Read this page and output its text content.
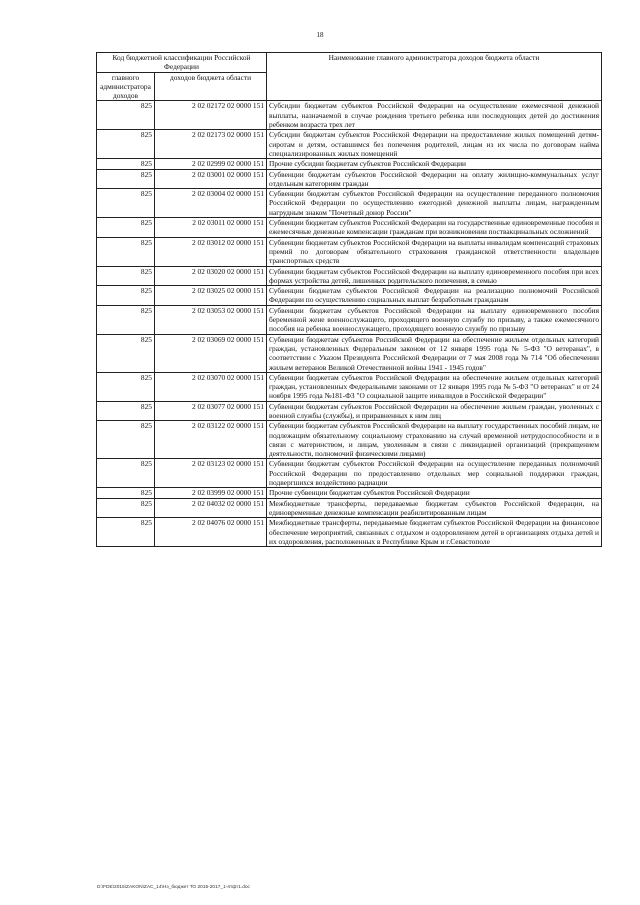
18
Код бюджетной классификации Российской Федерации		Наименование главного администратора доходов бюджета области
главного администратора доходов	доходов бюджета области	
825	2 02 02172 02 0000 151	Субсидии бюджетам субъектов Российской Федерации на осуществление ежемесячной денежной выплаты, назначаемой в случае рождения третьего ребенка или последующих детей до достижения ребенком возраста трех лет
825	2 02 02173 02 0000 151	Субсидии бюджетам субъектов Российской Федерации на предоставление жилых помещений детям-сиротам и детям, оставшимся без попечения родителей, лицам из их числа по договорам найма специализированных жилых помещений
825	2 02 02999 02 0000 151	Прочие субсидии бюджетам субъектов Российской Федерации
825	2 02 03001 02 0000 151	Субвенции бюджетам субъектов Российской Федерации на оплату жилищно-коммунальных услуг отдельным категориям граждан
825	2 02 03004 02 0000 151	Субвенции бюджетам субъектов Российской Федерации на осуществление переданного полномочия Российской Федерации по осуществлению ежегодной денежной выплаты лицам, награжденным нагрудным знаком "Почетный донор России"
825	2 02 03011 02 0000 151	Субвенции бюджетам субъектов Российской Федерации на государственные единовременные пособия и ежемесячные денежные компенсации гражданам при возникновении поствакцинальных осложнений
825	2 02 03012 02 0000 151	Субвенции бюджетам субъектов Российской Федерации на выплаты инвалидам компенсаций страховых премий по договорам обязательного страхования гражданской ответственности владельцев транспортных средств
825	2 02 03020 02 0000 151	Субвенции бюджетам субъектов Российской Федерации на выплату единовременного пособия при всех формах устройства детей, лишенных родительского попечения, в семью
825	2 02 03025 02 0000 151	Субвенции бюджетам субъектов Российской Федерации на реализацию полномочий Российской Федерации по осуществлению социальных выплат безработным гражданам
825	2 02 03053 02 0000 151	Субвенции бюджетам субъектов Российской Федерации на выплату единовременного пособия беременной жене военнослужащего, проходящего военную службу по призыву, а также ежемесячного пособия на ребенка военнослужащего, проходящего военную службу по призыву
825	2 02 03069 02 0000 151	Субвенции бюджетам субъектов Российской Федерации на обеспечение жильем отдельных категорий граждан, установленных Федеральным законом от 12 января 1995 года № 5-ФЗ "О ветеранах", в соответствии с Указом Президента Российской Федерации от 7 мая 2008 года № 714 "Об обеспечении жильем ветеранов Великой Отечественной войны 1941 - 1945 годов"
825	2 02 03070 02 0000 151	Субвенции бюджетам субъектов Российской Федерации на обеспечение жильем отдельных категорий граждан, установленных Федеральными законами от 12 января 1995 года № 5-ФЗ "О ветеранах" и от 24 ноября 1995 года №181-ФЗ "О социальной защите инвалидов в Российской Федерации"
825	2 02 03077 02 0000 151	Субвенции бюджетам субъектов Российской Федерации на обеспечение жильем граждан, уволенных с военной службы (службы), и приравненных к ним лиц
825	2 02 03122 02 0000 151	Субвенции бюджетам субъектов Российской Федерации на выплату государственных пособий лицам, не подлежащим обязательному социальному страхованию на случай временной нетрудоспособности и в связи с материнством, и лицам, уволенным в связи с ликвидацией организаций (прекращением деятельности, полномочий физическими лицами)
825	2 02 03123 02 0000 151	Субвенции бюджетам субъектов Российской Федерации на осуществление переданных полномочий Российской Федерации по предоставлению отдельных мер социальной поддержки граждан, подвергшихся воздействию радиации
825	2 02 03999 02 0000 151	Прочие субвенции бюджетам субъектов Российской Федерации
825	2 02 04032 02 0000 151	Межбюджетные трансферты, передаваемые бюджетам субъектов Российской Федерации, на единовременные денежные компенсации реабилитированным лицам
825	2 02 04076 02 0000 151	Межбюджетные трансферты, передаваемые бюджетам субъектов Российской Федерации на финансовое обеспечение мероприятий, связанных с отдыхом и оздоровлением детей в организациях отдыха детей и их оздоровления, расположенных в Республике Крым и г.Севастополе
D:\FDE\2015\ZAKON\ZAC_14\Нэ_бюджет ТО 2015-2017_1-ятфт1.doc
